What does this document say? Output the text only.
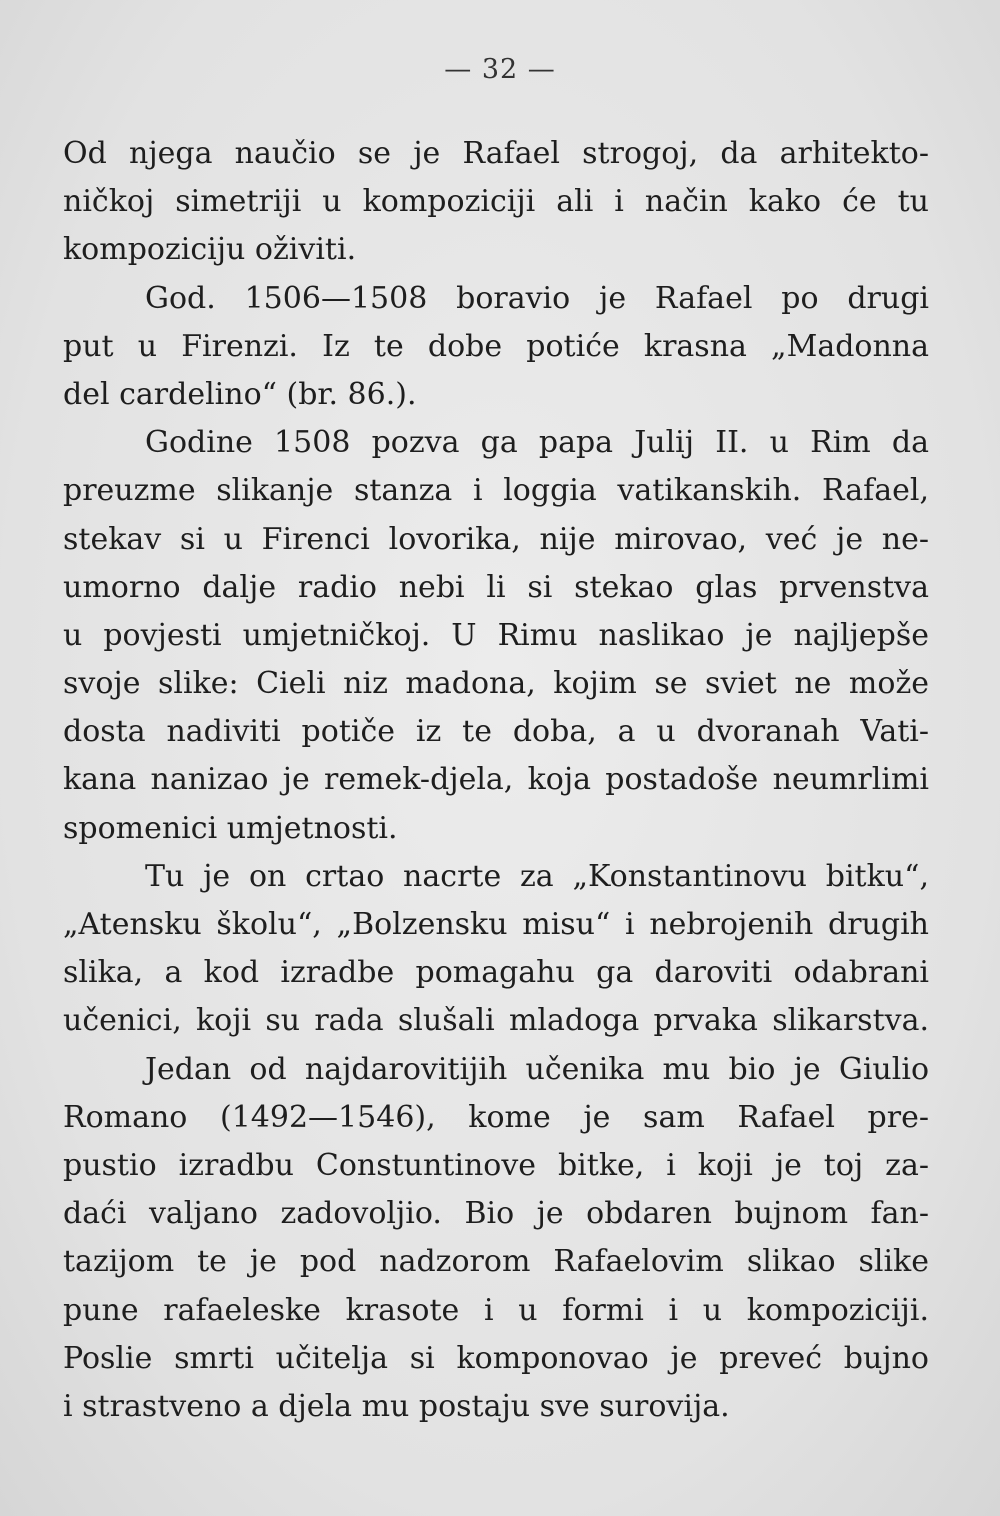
— 32 —
Od njega naučio se je Rafael strogoj, da arhitekto-
ničkoj simetriji u kompoziciji ali i način kako će tu
kompoziciju oživiti.
God. 1506—1508 boravio je Rafael po drugi
put u Firenzi. Iz te dobe potiće krasna „Madonna
del cardelino“ (br. 86.).
Godine 1508 pozva ga papa Julij II. u Rim da
preuzme slikanje stanza i loggia vatikanskih. Rafael,
stekav si u Firenci lovorika, nije mirovao, već je ne-
umorno dalje radio nebi li si stekao glas prvenstva
u povjesti umjetničkoj. U Rimu naslikao je najljepše
svoje slike: Cieli niz madona, kojim se sviet ne može
dosta nadiviti potiče iz te doba, a u dvoranah Vati-
kana nanizao je remek-djela, koja postadoše neumrlimi
spomenici umjetnosti.
Tu je on crtao nacrte za „Konstantinovu bitku“,
„Atensku školu“, „Bolzensku misu“ i nebrojenih drugih
slika, a kod izradbe pomagahu ga daroviti odabrani
učenici, koji su rada slušali mladoga prvaka slikarstva.
Jedan od najdarovitijih učenika mu bio je Giulio
Romano (1492—1546), kome je sam Rafael pre-
pustio izradbu Constuntinove bitke, i koji je toj za-
daći valjano zadovoljio. Bio je obdaren bujnom fan-
tazijom te je pod nadzorom Rafaelovim slikao slike
pune rafaeleske krasote i u formi i u kompoziciji.
Poslie smrti učitelja si komponovao je preveć bujno
i strastveno a djela mu postaju sve surovija.
